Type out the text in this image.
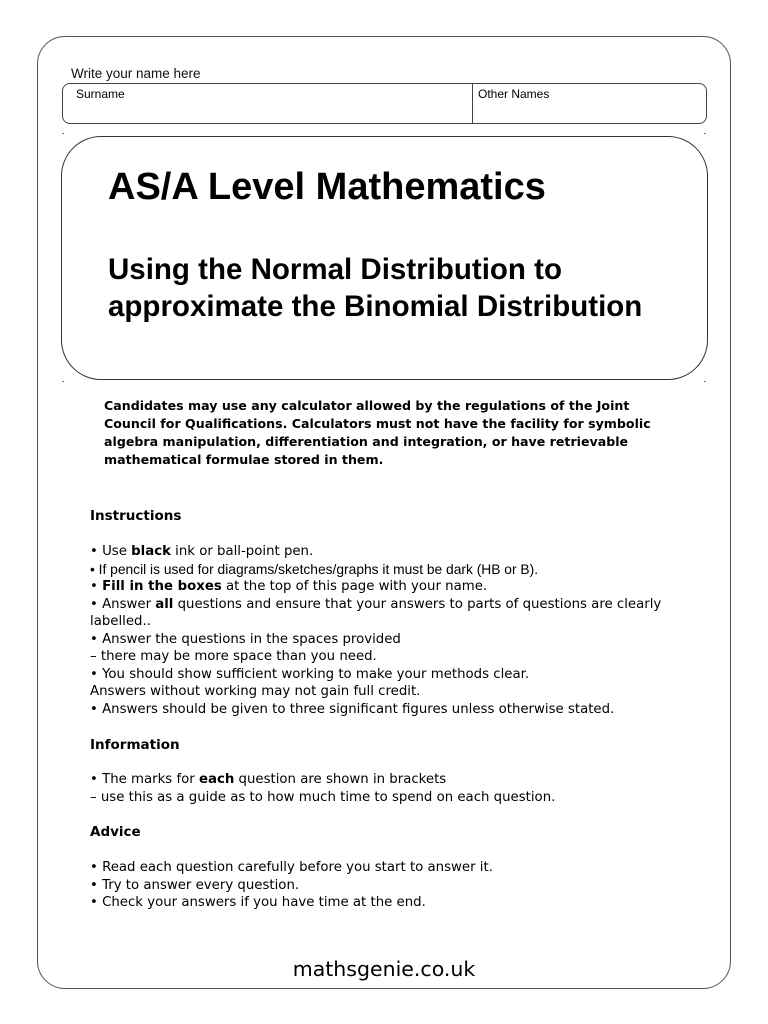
Write your name here
Surname	Other Names
AS/A Level Mathematics
Using the Normal Distribution to approximate the Binomial Distribution

Candidates may use any calculator allowed by the regulations of the Joint Council for Qualifications. Calculators must not have the facility for symbolic algebra manipulation, differentiation and integration, or have retrievable mathematical formulae stored in them.

Instructions
• Use black ink or ball-point pen.
• If pencil is used for diagrams/sketches/graphs it must be dark (HB or B).
• Fill in the boxes at the top of this page with your name.
• Answer all questions and ensure that your answers to parts of questions are clearly labelled..
• Answer the questions in the spaces provided
– there may be more space than you need.
• You should show sufficient working to make your methods clear.
Answers without working may not gain full credit.
• Answers should be given to three significant figures unless otherwise stated.
Information
• The marks for each question are shown in brackets
– use this as a guide as to how much time to spend on each question.
Advice
• Read each question carefully before you start to answer it.
• Try to answer every question.
• Check your answers if you have time at the end.
mathsgenie.co.uk
